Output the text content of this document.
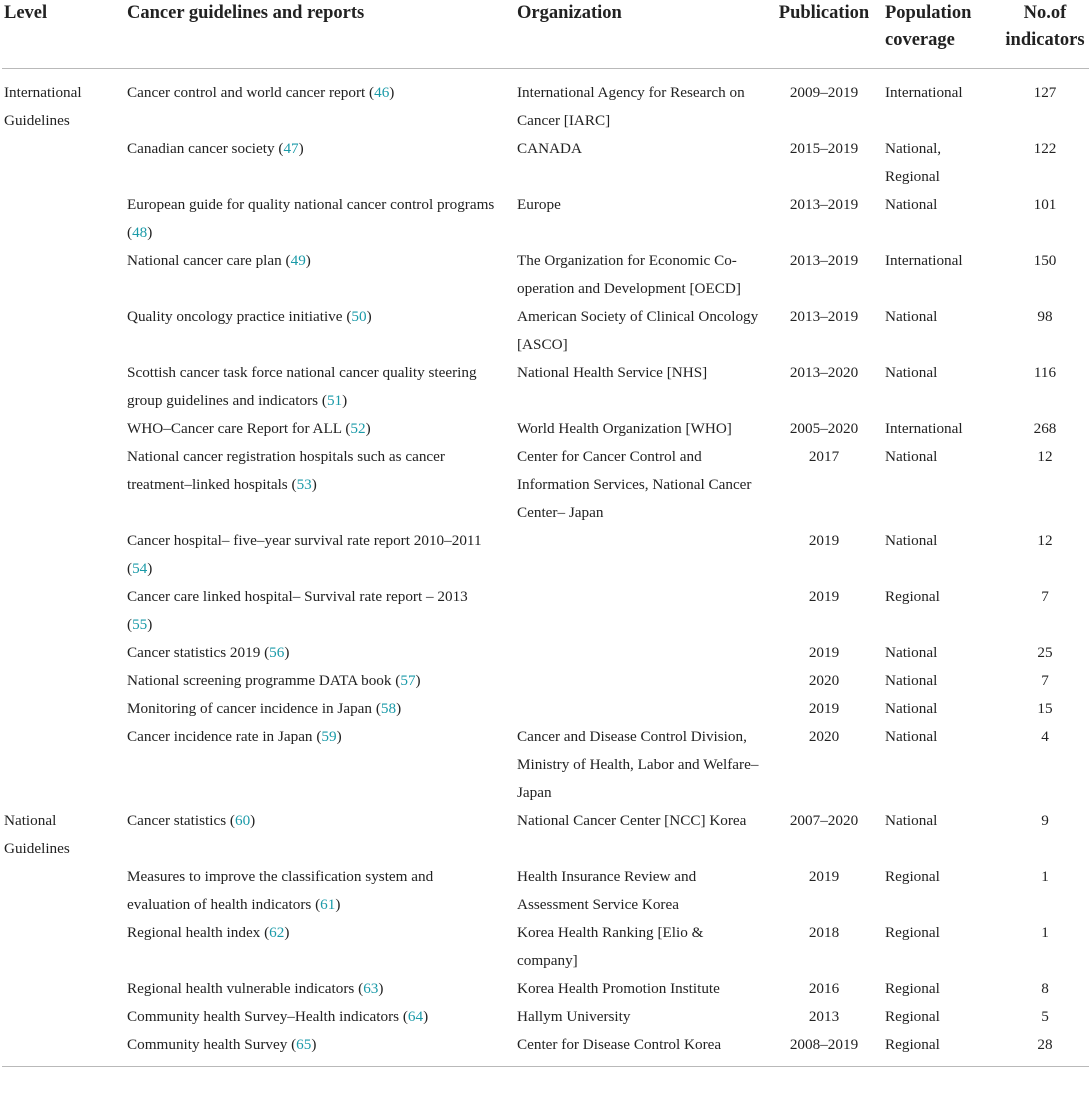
Level	Cancer guidelines and reports	Organization	Publication	Population coverage	No.of indicators
International Guidelines	Cancer control and world cancer report (46)	International Agency for Research on Cancer [IARC]	2009–2019	International	127
	Canadian cancer society (47)	CANADA	2015–2019	National, Regional	122
	European guide for quality national cancer control programs (48)	Europe	2013–2019	National	101
	National cancer care plan (49)	The Organization for Economic Co-operation and Development [OECD]	2013–2019	International	150
	Quality oncology practice initiative (50)	American Society of Clinical Oncology [ASCO]	2013–2019	National	98
	Scottish cancer task force national cancer quality steering group guidelines and indicators (51)	National Health Service [NHS]	2013–2020	National	116
	WHO–Cancer care Report for ALL (52)	World Health Organization [WHO]	2005–2020	International	268
	National cancer registration hospitals such as cancer treatment–linked hospitals (53)	Center for Cancer Control and Information Services, National Cancer Center– Japan	2017	National	12
	Cancer hospital– five–year survival rate report 2010–2011 (54)		2019	National	12
	Cancer care linked hospital– Survival rate report – 2013 (55)		2019	Regional	7
	Cancer statistics 2019 (56)		2019	National	25
	National screening programme DATA book (57)		2020	National	7
	Monitoring of cancer incidence in Japan (58)		2019	National	15
	Cancer incidence rate in Japan (59)	Cancer and Disease Control Division, Ministry of Health, Labor and Welfare–Japan	2020	National	4
National Guidelines	Cancer statistics (60)	National Cancer Center [NCC] Korea	2007–2020	National	9
	Measures to improve the classification system and evaluation of health indicators (61)	Health Insurance Review and Assessment Service Korea	2019	Regional	1
	Regional health index (62)	Korea Health Ranking [Elio & company]	2018	Regional	1
	Regional health vulnerable indicators (63)	Korea Health Promotion Institute	2016	Regional	8
	Community health Survey–Health indicators (64)	Hallym University	2013	Regional	5
	Community health Survey (65)	Center for Disease Control Korea	2008–2019	Regional	28
